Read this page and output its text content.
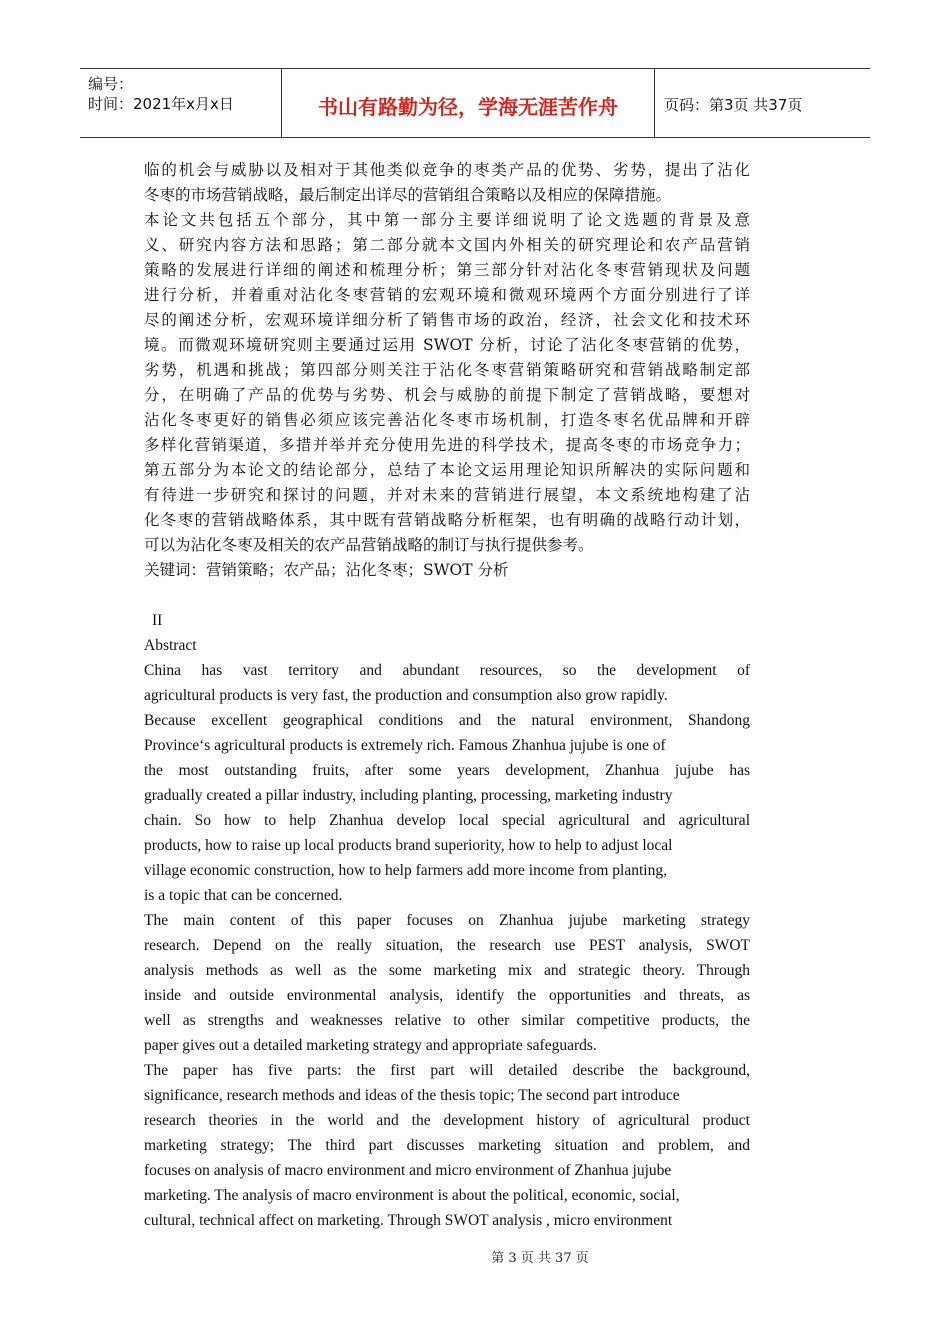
编号：
时间：2021年x月x日	书山有路勤为径，学海无涯苦作舟	页码：第3页 共37页
临的机会与威胁以及相对于其他类似竞争的枣类产品的优势、劣势，提出了沾化
冬枣的市场营销战略，最后制定出详尽的营销组合策略以及相应的保障措施。
本论文共包括五个部分，其中第一部分主要详细说明了论文选题的背景及意
义、研究内容方法和思路；第二部分就本文国内外相关的研究理论和农产品营销
策略的发展进行详细的阐述和梳理分析；第三部分针对沾化冬枣营销现状及问题
进行分析，并着重对沾化冬枣营销的宏观环境和微观环境两个方面分别进行了详
尽的阐述分析，宏观环境详细分析了销售市场的政治，经济，社会文化和技术环
境。而微观环境研究则主要通过运用 SWOT 分析，讨论了沾化冬枣营销的优势，
劣势，机遇和挑战；第四部分则关注于沾化冬枣营销策略研究和营销战略制定部
分，在明确了产品的优势与劣势、机会与威胁的前提下制定了营销战略，要想对
沾化冬枣更好的销售必须应该完善沾化冬枣市场机制，打造冬枣名优品牌和开辟
多样化营销渠道，多措并举并充分使用先进的科学技术，提高冬枣的市场竞争力；
第五部分为本论文的结论部分，总结了本论文运用理论知识所解决的实际问题和
有待进一步研究和探讨的问题，并对未来的营销进行展望，本文系统地构建了沾
化冬枣的营销战略体系，其中既有营销战略分析框架，也有明确的战略行动计划，
可以为沾化冬枣及相关的农产品营销战略的制订与执行提供参考。
关键词：营销策略；农产品；沾化冬枣；SWOT 分析
II
Abstract
China has vast territory and abundant resources, so the development of
agricultural products is very fast, the production and consumption also grow rapidly.
Because excellent geographical conditions and the natural environment, Shandong
Province‘s agricultural products is extremely rich. Famous Zhanhua jujube is one of
the most outstanding fruits, after some years development, Zhanhua jujube has
gradually created a pillar industry, including planting, processing, marketing industry
chain. So how to help Zhanhua develop local special agricultural and agricultural
products, how to raise up local products brand superiority, how to help to adjust local
village economic construction, how to help farmers add more income from planting,
is a topic that can be concerned.
The main content of this paper focuses on Zhanhua jujube marketing strategy
research. Depend on the really situation, the research use PEST analysis, SWOT
analysis methods as well as the some marketing mix and strategic theory. Through
inside and outside environmental analysis, identify the opportunities and threats, as
well as strengths and weaknesses relative to other similar competitive products, the
paper gives out a detailed marketing strategy and appropriate safeguards.
The paper has five parts: the first part will detailed describe the background,
significance, research methods and ideas of the thesis topic; The second part introduce
research theories in the world and the development history of agricultural product
marketing strategy; The third part discusses marketing situation and problem, and
focuses on analysis of macro environment and micro environment of Zhanhua jujube
marketing. The analysis of macro environment is about the political, economic, social,
cultural, technical affect on marketing. Through SWOT analysis , micro environment
第 3 页 共 37 页
